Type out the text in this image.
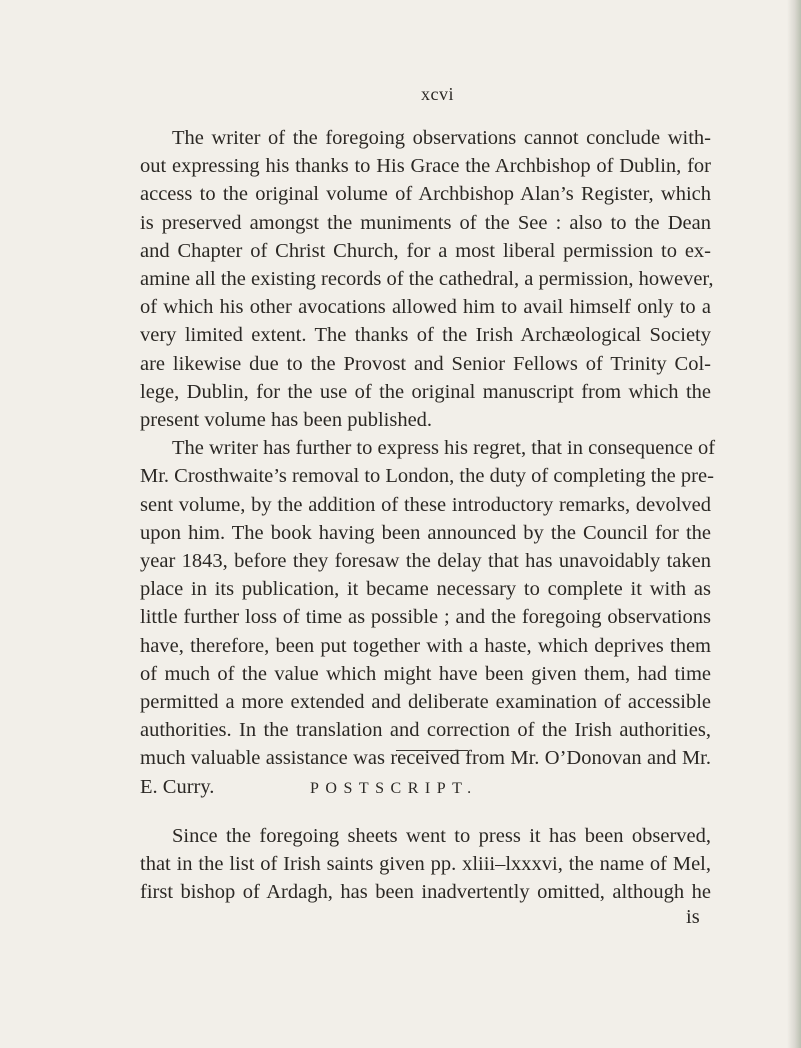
xcvi
The writer of the foregoing observations cannot conclude with-
out expressing his thanks to His Grace the Archbishop of Dublin, for
access to the original volume of Archbishop Alan’s Register, which
is preserved amongst the muniments of the See : also to the Dean
and Chapter of Christ Church, for a most liberal permission to ex-
amine all the existing records of the cathedral, a permission, however,
of which his other avocations allowed him to avail himself only to a
very limited extent. The thanks of the Irish Archæological Society
are likewise due to the Provost and Senior Fellows of Trinity Col-
lege, Dublin, for the use of the original manuscript from which the
present volume has been published.
The writer has further to express his regret, that in consequence of
Mr. Crosthwaite’s removal to London, the duty of completing the pre-
sent volume, by the addition of these introductory remarks, devolved
upon him. The book having been announced by the Council for the
year 1843, before they foresaw the delay that has unavoidably taken
place in its publication, it became necessary to complete it with as
little further loss of time as possible ; and the foregoing observations
have, therefore, been put together with a haste, which deprives them
of much of the value which might have been given them, had time
permitted a more extended and deliberate examination of accessible
authorities. In the translation and correction of the Irish authorities,
much valuable assistance was received from Mr. O’Donovan and Mr.
E. Curry.	POSTSCRIPT.
Since the foregoing sheets went to press it has been observed,
that in the list of Irish saints given pp. xliii–lxxxvi, the name of Mel,
first bishop of Ardagh, has been inadvertently omitted, although he
is
